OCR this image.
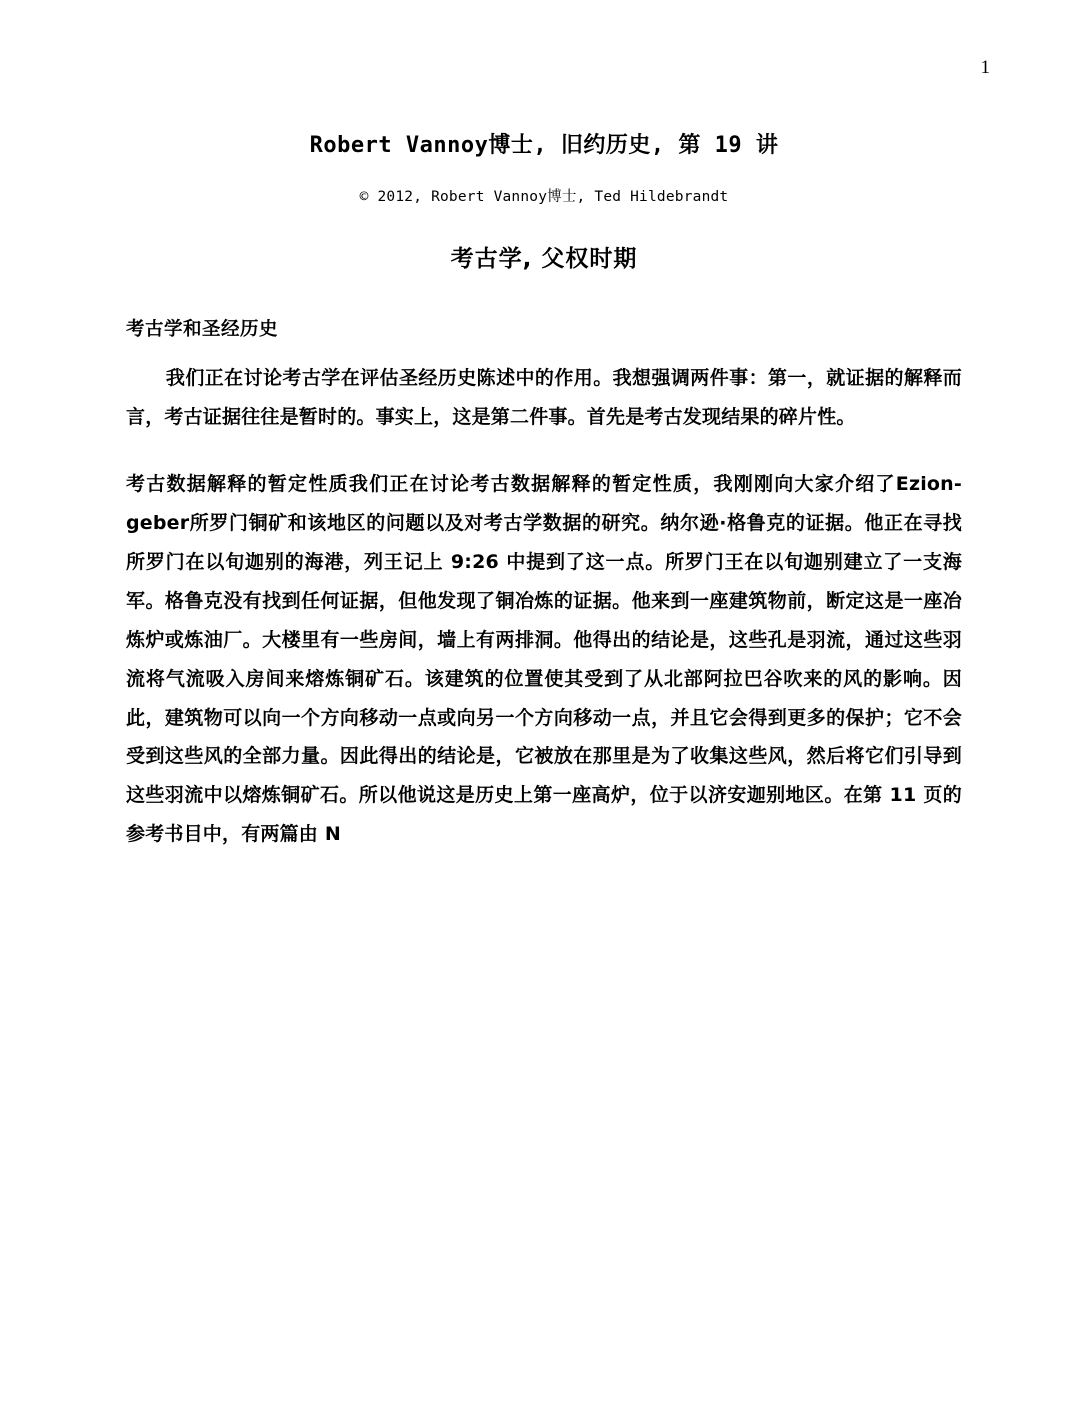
1
Robert Vannoy博士, 旧约历史, 第 19 讲
© 2012, Robert Vannoy博士, Ted Hildebrandt
考古学, 父权时期
考古学和圣经历史

我们正在讨论考古学在评估圣经历史陈述中的作用。我想强调两件事：第一，就证据的解释而言，考古证据往往是暂时的。事实上，这是第二件事。首先是考古发现结果的碎片性。

考古数据解释的暂定性质我们正在讨论考古数据解释的暂定性质，我刚刚向大家介绍了Ezion-geber所罗门铜矿和该地区的问题以及对考古学数据的研究。纳尔逊·格鲁克的证据。他正在寻找所罗门在以旬迦别的海港，列王记上 9:26 中提到了这一点。所罗门王在以旬迦别建立了一支海军。格鲁克没有找到任何证据，但他发现了铜冶炼的证据。他来到一座建筑物前，断定这是一座冶炼炉或炼油厂。大楼里有一些房间，墙上有两排洞。他得出的结论是，这些孔是羽流，通过这些羽流将气流吸入房间来熔炼铜矿石。该建筑的位置使其受到了从北部阿拉巴谷吹来的风的影响。因此，建筑物可以向一个方向移动一点或向另一个方向移动一点，并且它会得到更多的保护；它不会受到这些风的全部力量。因此得出的结论是，它被放在那里是为了收集这些风，然后将它们引导到这些羽流中以熔炼铜矿石。所以他说这是历史上第一座高炉，位于以济安迦别地区。在第 11 页的参考书目中，有两篇由 N
